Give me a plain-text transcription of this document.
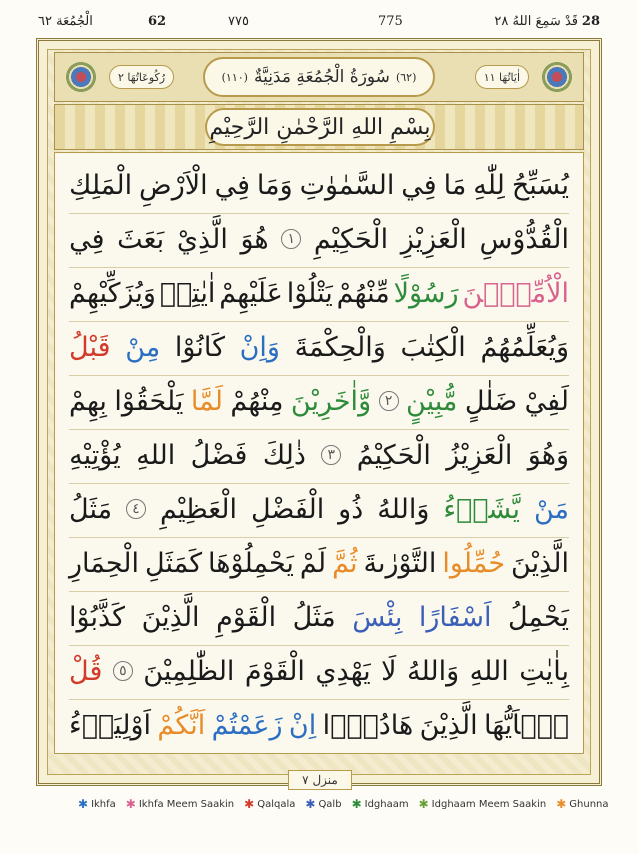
28
قَدْ سَمِعَ اللهُ ٢٨
775
٧٧٥
62
الْجُمُعَة ٦٢
رُكُوعَاتُهَا ٢	اٰيَاتُهَا ١١
(١١٠) سُورَةُ الْجُمُعَةِ مَدَنِيَّةٌ (٦٢)
بِسْمِ اللهِ الرَّحْمٰنِ الرَّحِيْمِ
يُسَبِّحُ
لِلّٰهِ
مَا
فِي
السَّمٰوٰتِ
وَمَا
فِي
الْاَرْضِ
الْمَلِكِ
الْقُدُّوْسِ
الْعَزِيْزِ
الْحَكِيْمِ
١
هُوَ
الَّذِيْ
بَعَثَ
فِي
الْاُمِّيّٖنَ
رَسُوْلًا
مِّنْهُمْ
يَتْلُوْا
عَلَيْهِمْ
اٰيٰتِهٖ
وَيُزَكِّيْهِمْ
وَيُعَلِّمُهُمُ
الْكِتٰبَ
وَالْحِكْمَةَ
وَاِنْ
كَانُوْا
مِنْ
قَبْلُ
لَفِيْ
ضَلٰلٍ
مُّبِيْنٍ
٢
وَّاٰخَرِيْنَ
مِنْهُمْ
لَمَّا
يَلْحَقُوْا
بِهِمْ
وَهُوَ
الْعَزِيْزُ
الْحَكِيْمُ
٣
ذٰلِكَ
فَضْلُ
اللهِ
يُؤْتِيْهِ
مَنْ
يَّشَاۤءُ
وَاللهُ
ذُو
الْفَضْلِ
الْعَظِيْمِ
٤
مَثَلُ
الَّذِيْنَ
حُمِّلُوا
التَّوْرٰىةَ
ثُمَّ
لَمْ
يَحْمِلُوْهَا
كَمَثَلِ
الْحِمَارِ
يَحْمِلُ
اَسْفَارًا
بِئْسَ
مَثَلُ
الْقَوْمِ
الَّذِيْنَ
كَذَّبُوْا
بِاٰيٰتِ
اللهِ
وَاللهُ
لَا
يَهْدِي
الْقَوْمَ
الظّٰلِمِيْنَ
٥
قُلْ
يٰۤاَيُّهَا
الَّذِيْنَ
هَادُوْۤا
اِنْ
زَعَمْتُمْ
اَنَّكُمْ
اَوْلِيَاۤءُ
منزل ٧
✱ Ikhfa ✱ Ikhfa Meem Saakin ✱ Qalqala ✱ Qalb ✱ Idghaam ✱ Idghaam Meem Saakin ✱ Ghunna
